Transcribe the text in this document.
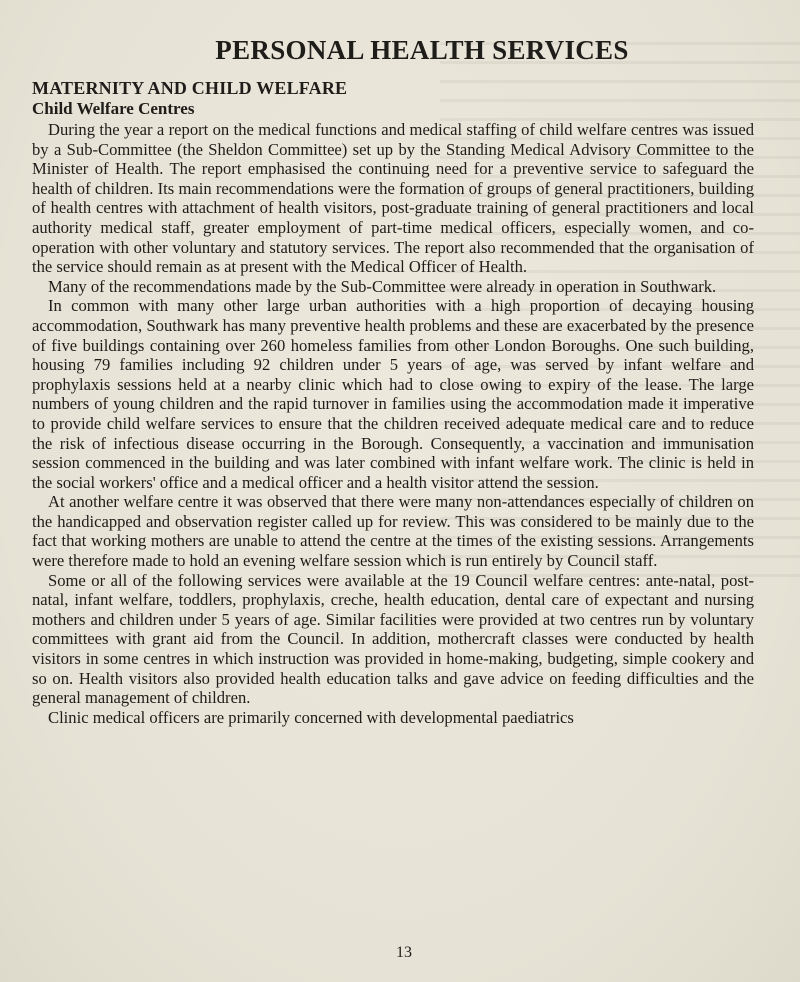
PERSONAL HEALTH SERVICES
MATERNITY AND CHILD WELFARE
Child Welfare Centres

During the year a report on the medical functions and medical staffing of child welfare centres was issued by a Sub-Committee (the Sheldon Committee) set up by the Standing Medical Advisory Committee to the Minister of Health. The report emphasised the continuing need for a preventive service to safeguard the health of children. Its main recommendations were the formation of groups of general practitioners, building of health centres with attachment of health visitors, post-graduate training of general practitioners and local authority medical staff, greater employment of part-time medical officers, especially women, and co-operation with other voluntary and statutory services. The report also recommended that the organisation of the service should remain as at present with the Medical Officer of Health.

Many of the recommendations made by the Sub-Committee were already in operation in Southwark.

In common with many other large urban authorities with a high proportion of decaying housing accommodation, Southwark has many preventive health problems and these are exacerbated by the presence of five buildings containing over 260 homeless families from other London Boroughs. One such building, housing 79 families including 92 children under 5 years of age, was served by infant welfare and prophylaxis sessions held at a nearby clinic which had to close owing to expiry of the lease. The large numbers of young children and the rapid turnover in families using the accommodation made it imperative to provide child welfare services to ensure that the children received adequate medical care and to reduce the risk of infectious disease occurring in the Borough. Consequently, a vaccination and immunisation session commenced in the building and was later combined with infant welfare work. The clinic is held in the social workers' office and a medical officer and a health visitor attend the session.

At another welfare centre it was observed that there were many non-attendances especially of children on the handicapped and observation register called up for review. This was considered to be mainly due to the fact that working mothers are unable to attend the centre at the times of the existing sessions. Arrangements were therefore made to hold an evening welfare session which is run entirely by Council staff.

Some or all of the following services were available at the 19 Council welfare centres: ante-natal, post-natal, infant welfare, toddlers, prophylaxis, creche, health education, dental care of expectant and nursing mothers and children under 5 years of age. Similar facilities were provided at two centres run by voluntary committees with grant aid from the Council. In addition, mothercraft classes were conducted by health visitors in some centres in which instruction was provided in home-making, budgeting, simple cookery and so on. Health visitors also provided health education talks and gave advice on feeding difficulties and the general management of children.

Clinic medical officers are primarily concerned with developmental paediatrics

13
